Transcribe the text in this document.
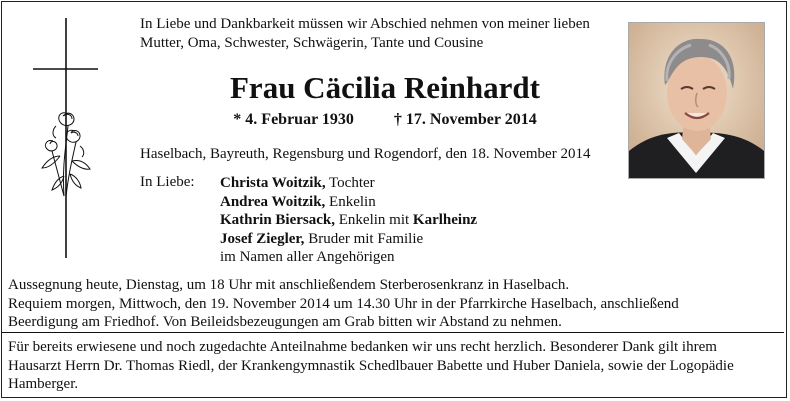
In Liebe und Dankbarkeit müssen wir Abschied nehmen von meiner lieben
Mutter, Oma, Schwester, Schwägerin, Tante und Cousine
Frau Cäcilia Reinhardt
* 4. Februar 1930	† 17. November 2014
Haselbach, Bayreuth, Regensburg und Rogendorf, den 18. November 2014
In Liebe: Christa Woitzik, Tochter
Andrea Woitzik, Enkelin
Kathrin Biersack, Enkelin mit Karlheinz
Josef Ziegler, Bruder mit Familie
im Namen aller Angehörigen
Aussegnung heute, Dienstag, um 18 Uhr mit anschließendem Sterberosenkranz in Haselbach.
Requiem morgen, Mittwoch, den 19. November 2014 um 14.30 Uhr in der Pfarrkirche Haselbach, anschließend
Beerdigung am Friedhof. Von Beileidsbezeugungen am Grab bitten wir Abstand zu nehmen.
Für bereits erwiesene und noch zugedachte Anteilnahme bedanken wir uns recht herzlich. Besonderer Dank gilt ihrem
Hausarzt Herrn Dr. Thomas Riedl, der Krankengymnastik Schedlbauer Babette und Huber Daniela, sowie der Logopädie
Hamberger.
